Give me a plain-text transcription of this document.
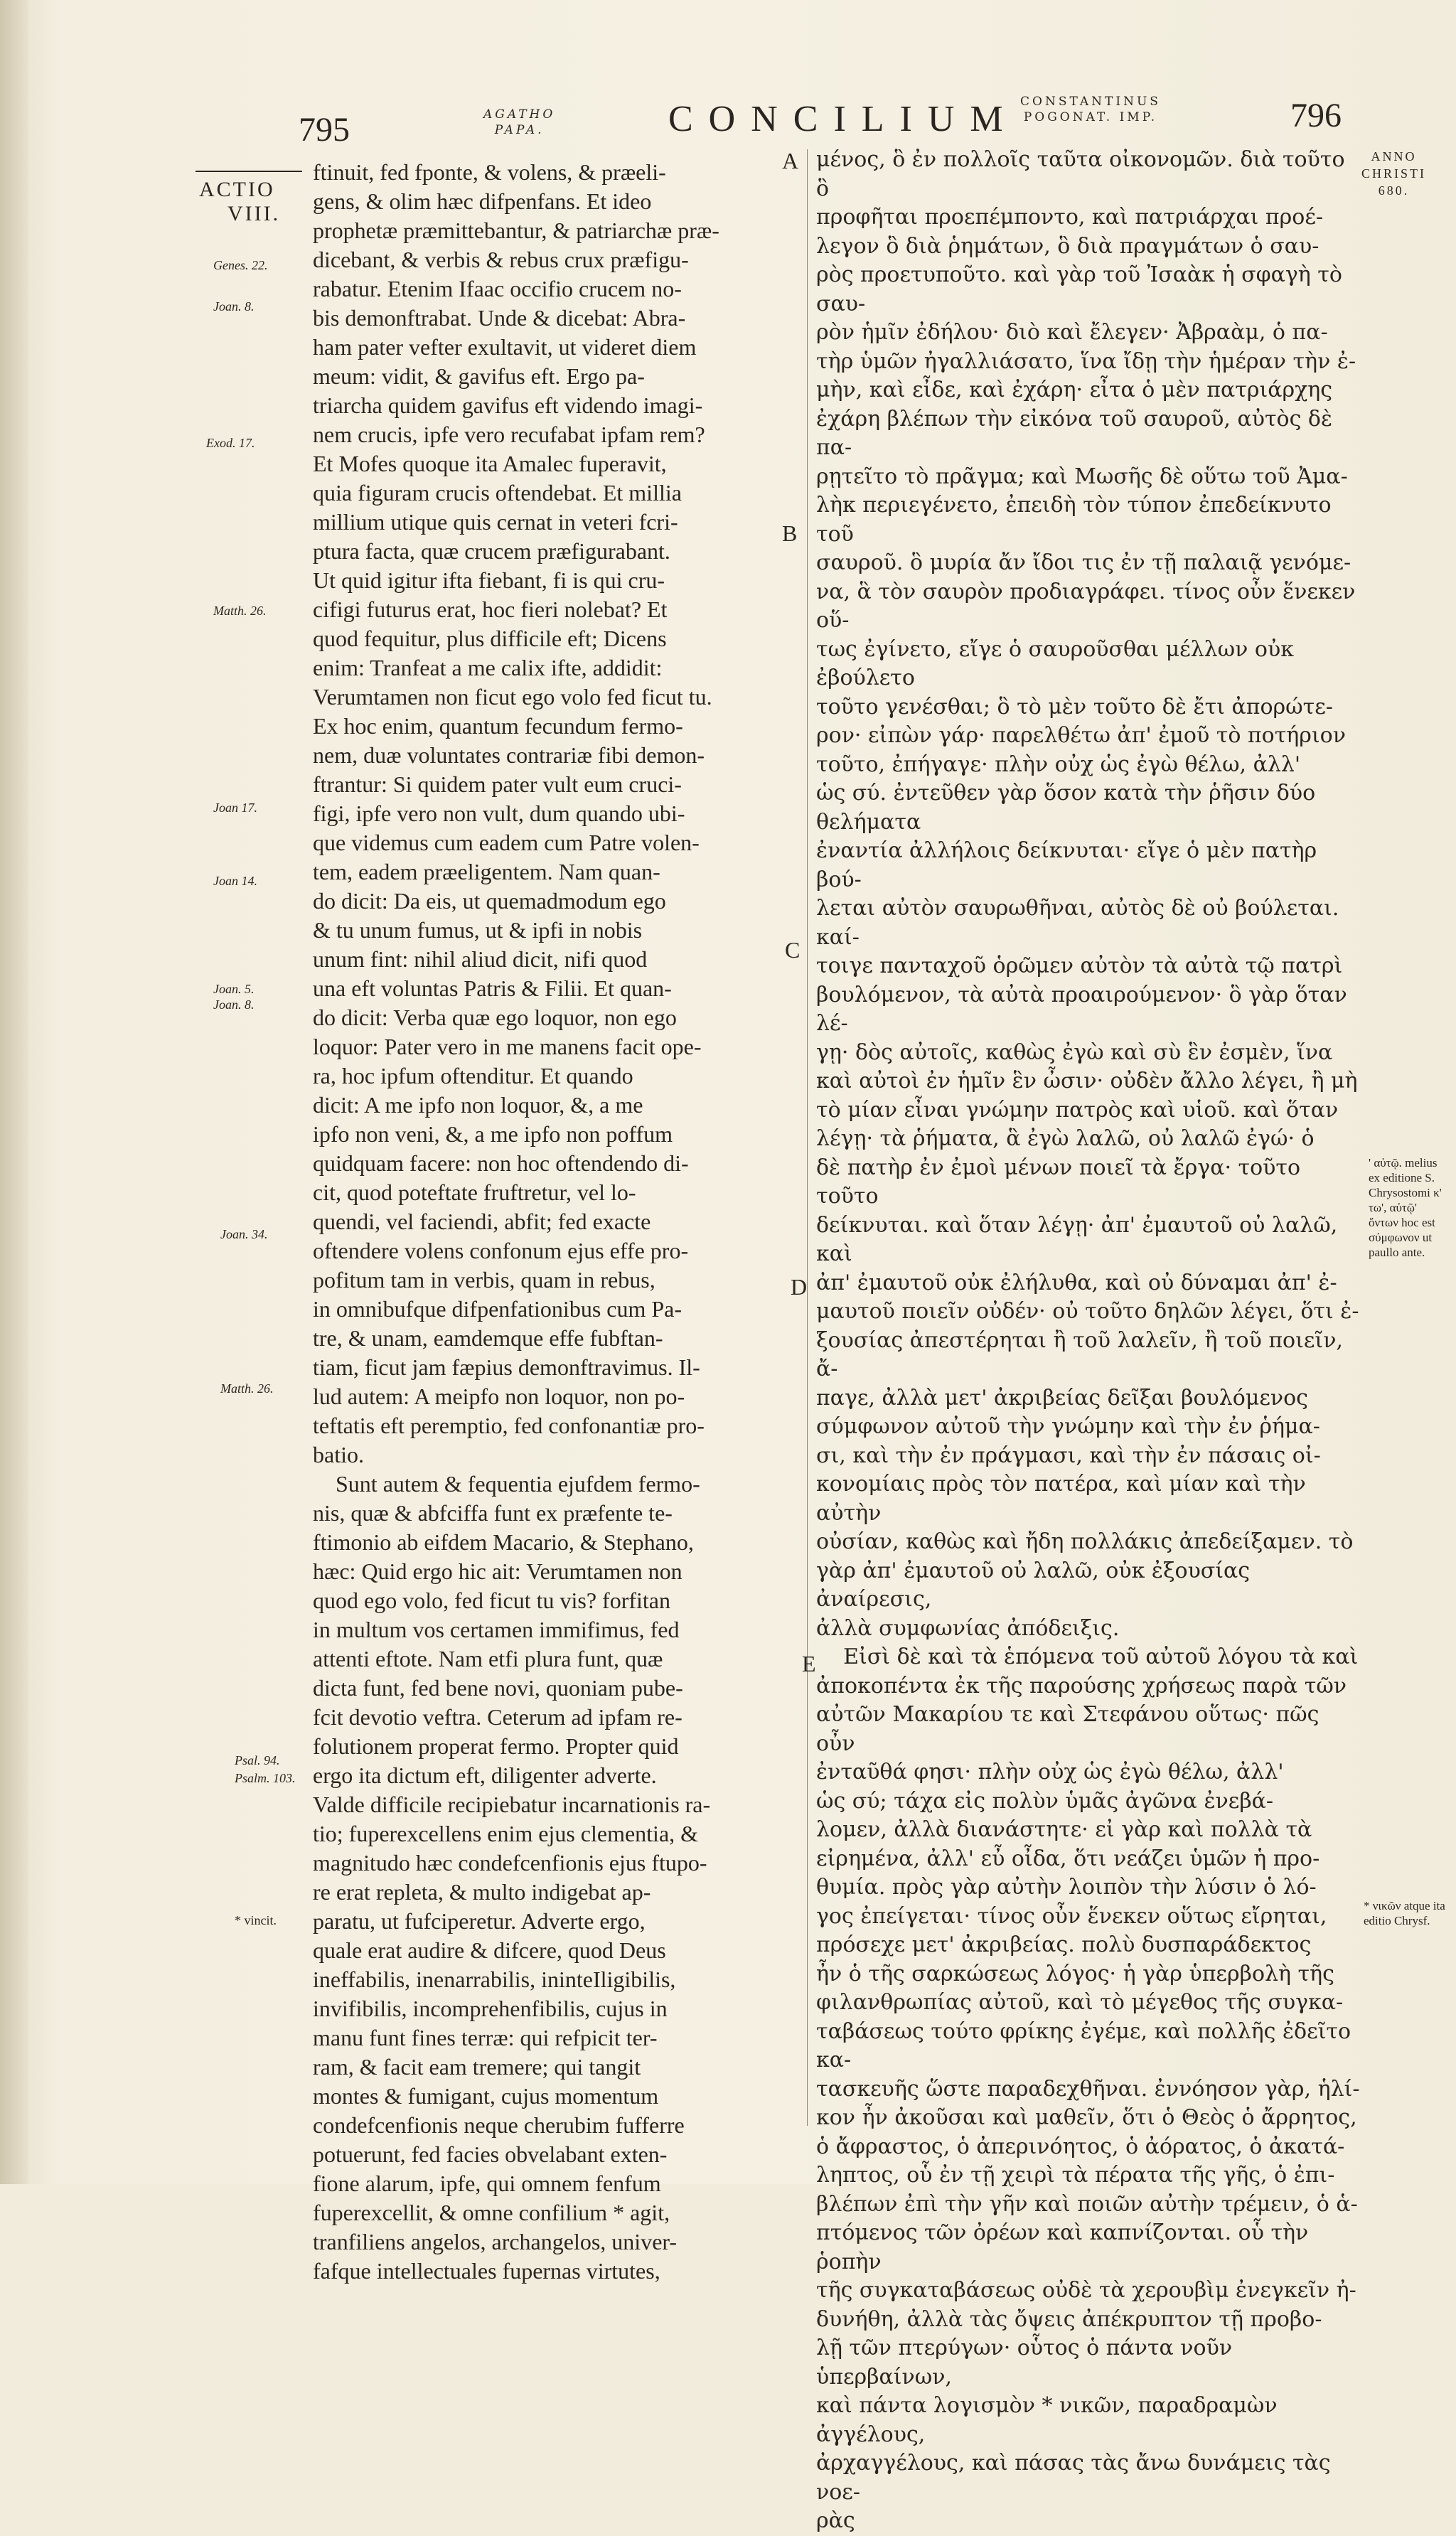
795	AGATHO
PAPA.	CONCILIUM CONSTANTINUS
POGONAT. IMP.	796
ACTIO
VIII.
ANNO
CHRISTI
680.
Genes. 22.
Joan. 8.
Exod. 17.
Matth. 26.
Joan 17.
Joan 14.
Joan. 5.
Joan. 8.
Joan. 34.
Matth. 26.
Psal. 94.
Psalm. 103.
* vincit.
A
B
C
D
E

ftinuit, fed fponte, & volens, & præeli-

gens, & olim hæc difpenfans. Et ideo

prophetæ præmittebantur, & patriarchæ præ-

dicebant, & verbis & rebus crux præfigu-

rabatur. Etenim Ifaac occifio crucem no-

bis demonftrabat. Unde & dicebat: Abra-

ham pater vefter exultavit, ut videret diem

meum: vidit, & gavifus eft. Ergo pa-

triarcha quidem gavifus eft videndo imagi-

nem crucis, ipfe vero recufabat ipfam rem?

Et Mofes quoque ita Amalec fuperavit,

quia figuram crucis oftendebat. Et millia

millium utique quis cernat in veteri fcri-

ptura facta, quæ crucem præfigurabant.

Ut quid igitur ifta fiebant, fi is qui cru-

cifigi futurus erat, hoc fieri nolebat? Et

quod fequitur, plus difficile eft; Dicens

enim: Tranfeat a me calix ifte, addidit:

Verumtamen non ficut ego volo fed ficut tu.

Ex hoc enim, quantum fecundum fermo-

nem, duæ voluntates contrariæ fibi demon-

ftrantur: Si quidem pater vult eum cruci-

figi, ipfe vero non vult, dum quando ubi-

que videmus cum eadem cum Patre volen-

tem, eadem præeligentem. Nam quan-

do dicit: Da eis, ut quemadmodum ego

& tu unum fumus, ut & ipfi in nobis

unum fint: nihil aliud dicit, nifi quod

una eft voluntas Patris & Filii. Et quan-

do dicit: Verba quæ ego loquor, non ego

loquor: Pater vero in me manens facit ope-

ra, hoc ipfum oftenditur. Et quando

dicit: A me ipfo non loquor, &, a me

ipfo non veni, &, a me ipfo non poffum

quidquam facere: non hoc oftendendo di-

cit, quod poteftate fruftretur, vel lo-

quendi, vel faciendi, abfit; fed exacte

oftendere volens confonum ejus effe pro-

pofitum tam in verbis, quam in rebus,

in omnibufque difpenfationibus cum Pa-

tre, & unam, eamdemque effe fubftan-

tiam, ficut jam fæpius demonftravimus. Il-

lud autem: A meipfo non loquor, non po-

teftatis eft peremptio, fed confonantiæ pro-

batio.

Sunt autem & fequentia ejufdem fermo-

nis, quæ & abfciffa funt ex præfente te-

ftimonio ab eifdem Macario, & Stephano,

hæc: Quid ergo hic ait: Verumtamen non

quod ego volo, fed ficut tu vis? forfitan

in multum vos certamen immifimus, fed

attenti eftote. Nam etfi plura funt, quæ

dicta funt, fed bene novi, quoniam pube-

fcit devotio veftra. Ceterum ad ipfam re-

folutionem properat fermo. Propter quid

ergo ita dictum eft, diligenter adverte.

Valde difficile recipiebatur incarnationis ra-

tio; fuperexcellens enim ejus clementia, &

magnitudo hæc condefcenfionis ejus ftupo-

re erat repleta, & multo indigebat ap-

paratu, ut fufciperetur. Adverte ergo,

quale erat audire & difcere, quod Deus

ineffabilis, inenarrabilis, ininteIligibilis,

invifibilis, incomprehenfibilis, cujus in

manu funt fines terræ: qui refpicit ter-

ram, & facit eam tremere; qui tangit

montes & fumigant, cujus momentum

condefcenfionis neque cherubim fufferre

potuerunt, fed facies obvelabant exten-

fione alarum, ipfe, qui omnem fenfum

fuperexcellit, & omne confilium * agit,

tranfiliens angelos, archangelos, univer-

fafque intellectuales fupernas virtutes,

μένος, ὃ ἐν πολλοῖς ταῦτα οἰκονομῶν. διὰ τοῦτο ὃ

προφῆται προεπέμποντο, καὶ πατριάρχαι προέ-

λεγον ὃ διὰ ῥημάτων, ὃ διὰ πραγμάτων ὁ σαυ-

ρὸς προετυποῦτο. καὶ γὰρ τοῦ Ἰσαὰκ ἡ σφαγὴ τὸ σαυ-

ρὸν ἡμῖν ἐδήλου· διὸ καὶ ἔλεγεν· Ἀβραὰμ, ὁ πα-

τὴρ ὑμῶν ἠγαλλιάσατο, ἵνα ἴδῃ τὴν ἡμέραν τὴν ἐ-

μὴν, καὶ εἶδε, καὶ ἐχάρη· εἶτα ὁ μὲν πατριάρχης

ἐχάρη βλέπων τὴν εἰκόνα τοῦ σαυροῦ, αὐτὸς δὲ πα-

ρῃτεῖτο τὸ πρᾶγμα; καὶ Μωσῆς δὲ οὕτω τοῦ Ἀμα-

λὴκ περιεγένετο, ἐπειδὴ τὸν τύπον ἐπεδείκνυτο τοῦ

σαυροῦ. ὃ μυρία ἄν ἴδοι τις ἐν τῇ παλαιᾷ γενόμε-

να, ἃ τὸν σαυρὸν προδιαγράφει. τίνος οὖν ἕνεκεν οὕ-

τως ἐγίνετο, εἴγε ὁ σαυροῦσθαι μέλλων οὐκ ἐβούλετο

τοῦτο γενέσθαι; ὃ τὸ μὲν τοῦτο δὲ ἔτι ἀπορώτε-

ρον· εἰπὼν γάρ· παρελθέτω ἀπ' ἐμοῦ τὸ ποτήριον

τοῦτο, ἐπήγαγε· πλὴν οὐχ ὡς ἐγὼ θέλω, ἀλλ'

ὡς σύ. ἐντεῦθεν γὰρ ὅσον κατὰ τὴν ῥῆσιν δύο θελήματα

ἐναντία ἀλλήλοις δείκνυται· εἴγε ὁ μὲν πατὴρ βού-

λεται αὐτὸν σαυρωθῆναι, αὐτὸς δὲ οὐ βούλεται. καί-

τοιγε πανταχοῦ ὁρῶμεν αὐτὸν τὰ αὐτὰ τῷ πατρὶ

βουλόμενον, τὰ αὐτὰ προαιρούμενον· ὃ γὰρ ὅταν λέ-

γῃ· δὸς αὐτοῖς, καθὼς ἐγὼ καὶ σὺ ἓν ἐσμὲν, ἵνα

καὶ αὐτοὶ ἐν ἡμῖν ἓν ὦσιν· οὐδὲν ἄλλο λέγει, ἢ μὴ

τὸ μίαν εἶναι γνώμην πατρὸς καὶ υἱοῦ. καὶ ὅταν

λέγῃ· τὰ ῥήματα, ἃ ἐγὼ λαλῶ, οὐ λαλῶ ἐγώ· ὁ

δὲ πατὴρ ἐν ἐμοὶ μένων ποιεῖ τὰ ἔργα· τοῦτο τοῦτο

δείκνυται. καὶ ὅταν λέγῃ· ἀπ' ἐμαυτοῦ οὐ λαλῶ, καὶ

ἀπ' ἐμαυτοῦ οὐκ ἐλήλυθα, καὶ οὐ δύναμαι ἀπ' ἐ-

μαυτοῦ ποιεῖν οὐδέν· οὐ τοῦτο δηλῶν λέγει, ὅτι ἐ-

ξουσίας ἀπεστέρηται ἢ τοῦ λαλεῖν, ἢ τοῦ ποιεῖν, ἄ-

παγε, ἀλλὰ μετ' ἀκριβείας δεῖξαι βουλόμενος

σύμφωνον αὐτοῦ τὴν γνώμην καὶ τὴν ἐν ῥήμα-

σι, καὶ τὴν ἐν πράγμασι, καὶ τὴν ἐν πάσαις οἰ-

κονομίαις πρὸς τὸν πατέρα, καὶ μίαν καὶ τὴν αὐτὴν

οὐσίαν, καθὼς καὶ ἤδη πολλάκις ἀπεδείξαμεν. τὸ

γὰρ ἀπ' ἐμαυτοῦ οὐ λαλῶ, οὐκ ἐξουσίας ἀναίρεσις,

ἀλλὰ συμφωνίας ἀπόδειξις.

Εἰσὶ δὲ καὶ τὰ ἑπόμενα τοῦ αὐτοῦ λόγου τὰ καὶ

ἀποκοπέντα ἐκ τῆς παρούσης χρήσεως παρὰ τῶν

αὐτῶν Μακαρίου τε καὶ Στεφάνου οὕτως· πῶς οὖν

ἐνταῦθά φησι· πλὴν οὐχ ὡς ἐγὼ θέλω, ἀλλ'

ὡς σύ; τάχα εἰς πολὺν ὑμᾶς ἀγῶνα ἐνεβά-

λομεν, ἀλλὰ διανάστητε· εἰ γὰρ καὶ πολλὰ τὰ

εἰρημένα, ἀλλ' εὖ οἶδα, ὅτι νεάζει ὑμῶν ἡ προ-

θυμία. πρὸς γὰρ αὐτὴν λοιπὸν τὴν λύσιν ὁ λό-

γος ἐπείγεται· τίνος οὖν ἕνεκεν οὕτως εἴρηται,

πρόσεχε μετ' ἀκριβείας. πολὺ δυσπαράδεκτος

ἦν ὁ τῆς σαρκώσεως λόγος· ἡ γὰρ ὑπερβολὴ τῆς

φιλανθρωπίας αὐτοῦ, καὶ τὸ μέγεθος τῆς συγκα-

ταβάσεως τούτο φρίκης ἐγέμε, καὶ πολλῆς ἐδεῖτο κα-

τασκευῆς ὥστε παραδεχθῆναι. ἐννόησον γὰρ, ἡλί-

κον ἦν ἀκοῦσαι καὶ μαθεῖν, ὅτι ὁ Θεὸς ὁ ἄρρητος,

ὁ ἄφραστος, ὁ ἀπερινόητος, ὁ ἀόρατος, ὁ ἀκατά-

ληπτος, οὗ ἐν τῇ χειρὶ τὰ πέρατα τῆς γῆς, ὁ ἐπι-

βλέπων ἐπὶ τὴν γῆν καὶ ποιῶν αὐτὴν τρέμειν, ὁ ἁ-

πτόμενος τῶν ὀρέων καὶ καπνίζονται. οὗ τὴν ῥοπὴν

τῆς συγκαταβάσεως οὐδὲ τὰ χερουβὶμ ἐνεγκεῖν ἠ-

δυνήθη, ἀλλὰ τὰς ὄψεις ἀπέκρυπτον τῇ προβο-

λῇ τῶν πτερύγων· οὗτος ὁ πάντα νοῦν ὑπερβαίνων,

καὶ πάντα λογισμὸν * νικῶν, παραδραμὼν ἀγγέλους,

ἀρχαγγέλους, καὶ πάσας τὰς ἄνω δυνάμεις τὰς νοε-

ρὰς

' αὐτῷ. melius ex editione S. Chrysostomi κ' τω', αὐτῷ' ὄντων hoc est σύμφωνον ut paullo ante.
* νικῶν atque ita editio Chrysf.
